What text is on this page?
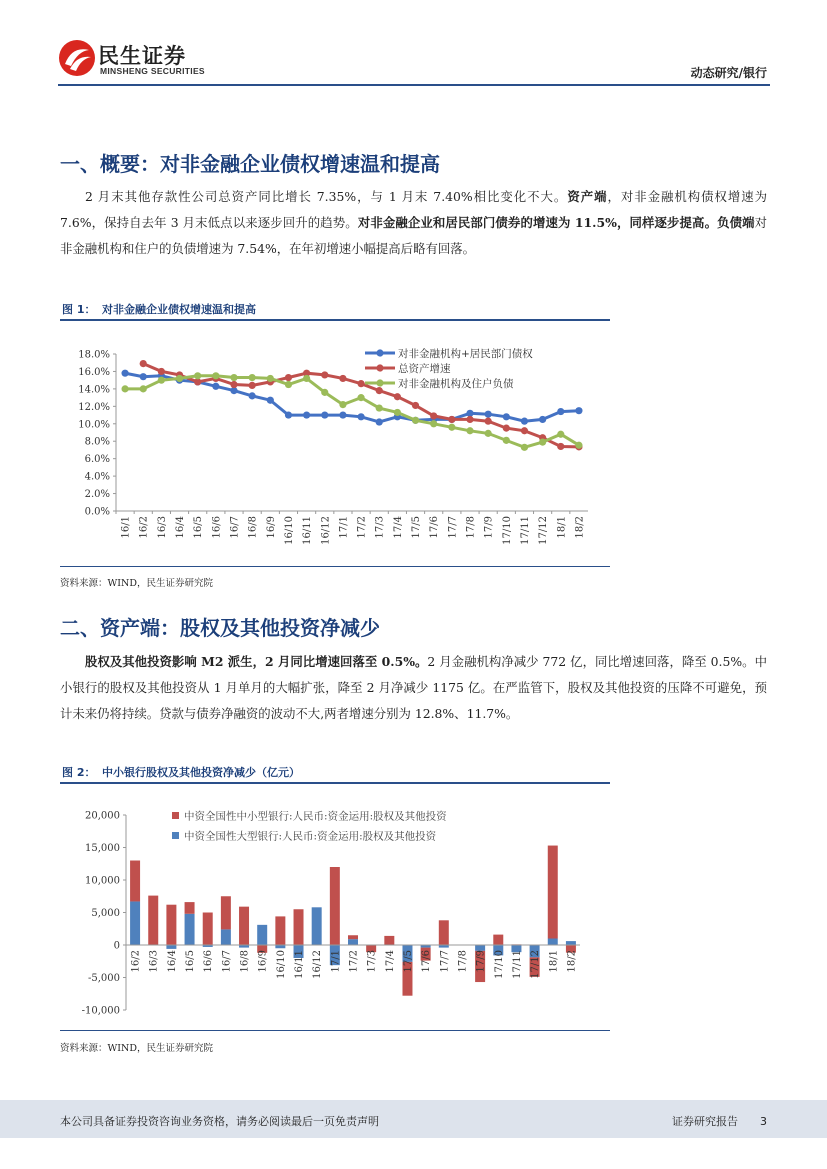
民生证券
MINSHENG SECURITIES	动态研究/银行
一、概要：对非金融企业债权增速温和提高
2 月末其他存款性公司总资产同比增长 7.35%，与 1 月末 7.40%相比变化不大。资产端，对非金融机构债权增速为 7.6%，保持自去年 3 月末低点以来逐步回升的趋势。对非金融企业和居民部门债券的增速为 11.5%，同样逐步提高。负债端对非金融机构和住户的负债增速为 7.54%，在年初增速小幅提高后略有回落。
图 1： 对非金融企业债权增速温和提高
0.0%
2.0%
4.0%
6.0%
8.0%
10.0%
12.0%
14.0%
16.0%
18.0%
16/1 16/2 16/3 16/4 16/5 16/6 16/7 16/8 16/9 16/10 16/11 16/12 17/1 17/2 17/3 17/4 17/5 17/6 17/7 17/8 17/9 17/10 17/11 17/12 18/1 18/2
对非金融机构+居民部门债权
总资产增速
对非金融机构及住户负债
资料来源：WIND，民生证券研究院
二、资产端：股权及其他投资净减少
股权及其他投资影响 M2 派生，2 月同比增速回落至 0.5%。2 月金融机构净减少 772 亿，同比增速回落，降至 0.5%。中小银行的股权及其他投资从 1 月单月的大幅扩张，降至 2 月净减少 1175 亿。在严监管下，股权及其他投资的压降不可避免，预计未来仍将持续。贷款与债券净融资的波动不大,两者增速分别为 12.8%、11.7%。
图 2： 中小银行股权及其他投资净减少（亿元）
-10,000
-5,000
0
5,000
10,000
15,000
20,000
16/2 16/3 16/4 16/5 16/6 16/7 16/8 16/9 16/10 16/11 16/12 17/1 17/2 17/3 17/4 17/5 17/6 17/7 17/8 17/9 17/10 17/11 17/12 18/1 18/2
中资全国性中小型银行:人民币:资金运用:股权及其他投资
中资全国性大型银行:人民币:资金运用:股权及其他投资
资料来源：WIND，民生证券研究院
本公司具备证券投资咨询业务资格，请务必阅读最后一页免责声明	证券研究报告 3
